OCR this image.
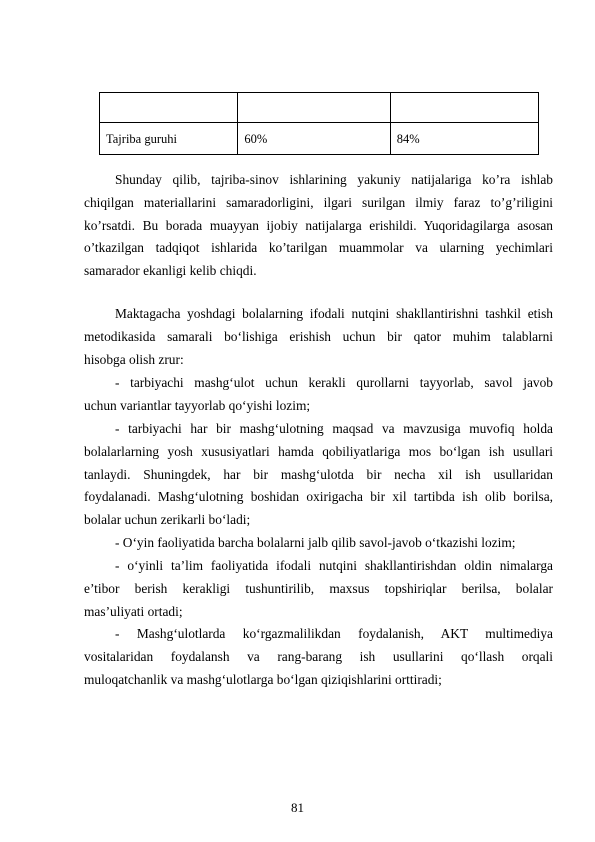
Tajriba guruhi	60%	84%
Shunday qilib, tajriba-sinov ishlarining yakuniy natijalariga ko’ra ishlab
chiqilgan materiallarini samaradorligini, ilgari surilgan ilmiy faraz to’g’riligini
ko’rsatdi. Bu borada muayyan ijobiy natijalarga erishildi. Yuqoridagilarga asosan
o’tkazilgan tadqiqot ishlarida ko’tarilgan muammolar va ularning yechimlari
samarador ekanligi kelib chiqdi.
Maktagacha yoshdagi bolalarning ifodali nutqini shakllantirishni tashkil etish
metodikasida samarali bo‘lishiga erishish uchun bir qator muhim talablarni
hisobga olish zrur:
- tarbiyachi mashg‘ulot uchun kerakli qurollarni tayyorlab, savol javob
uchun variantlar tayyorlab qo‘yishi lozim;
- tarbiyachi har bir mashg‘ulotning maqsad va mavzusiga muvofiq holda
bolalarlarning yosh xususiyatlari hamda qobiliyatlariga mos bo‘lgan ish usullari
tanlaydi. Shuningdek, har bir mashg‘ulotda bir necha xil ish usullaridan
foydalanadi. Mashg‘ulotning boshidan oxirigacha bir xil tartibda ish olib borilsa,
bolalar uchun zerikarli bo‘ladi;
- O‘yin faoliyatida barcha bolalarni jalb qilib savol-javob o‘tkazishi lozim;
- o‘yinli ta’lim faoliyatida ifodali nutqini shakllantirishdan oldin nimalarga
e’tibor berish kerakligi tushuntirilib, maxsus topshiriqlar berilsa, bolalar
mas’uliyati ortadi;
- Mashg‘ulotlarda ko‘rgazmalilikdan foydalanish, AKT multimediya
vositalaridan foydalansh va rang-barang ish usullarini qo‘llash orqali
muloqatchanlik va mashg‘ulotlarga bo‘lgan qiziqishlarini orttiradi;
81
